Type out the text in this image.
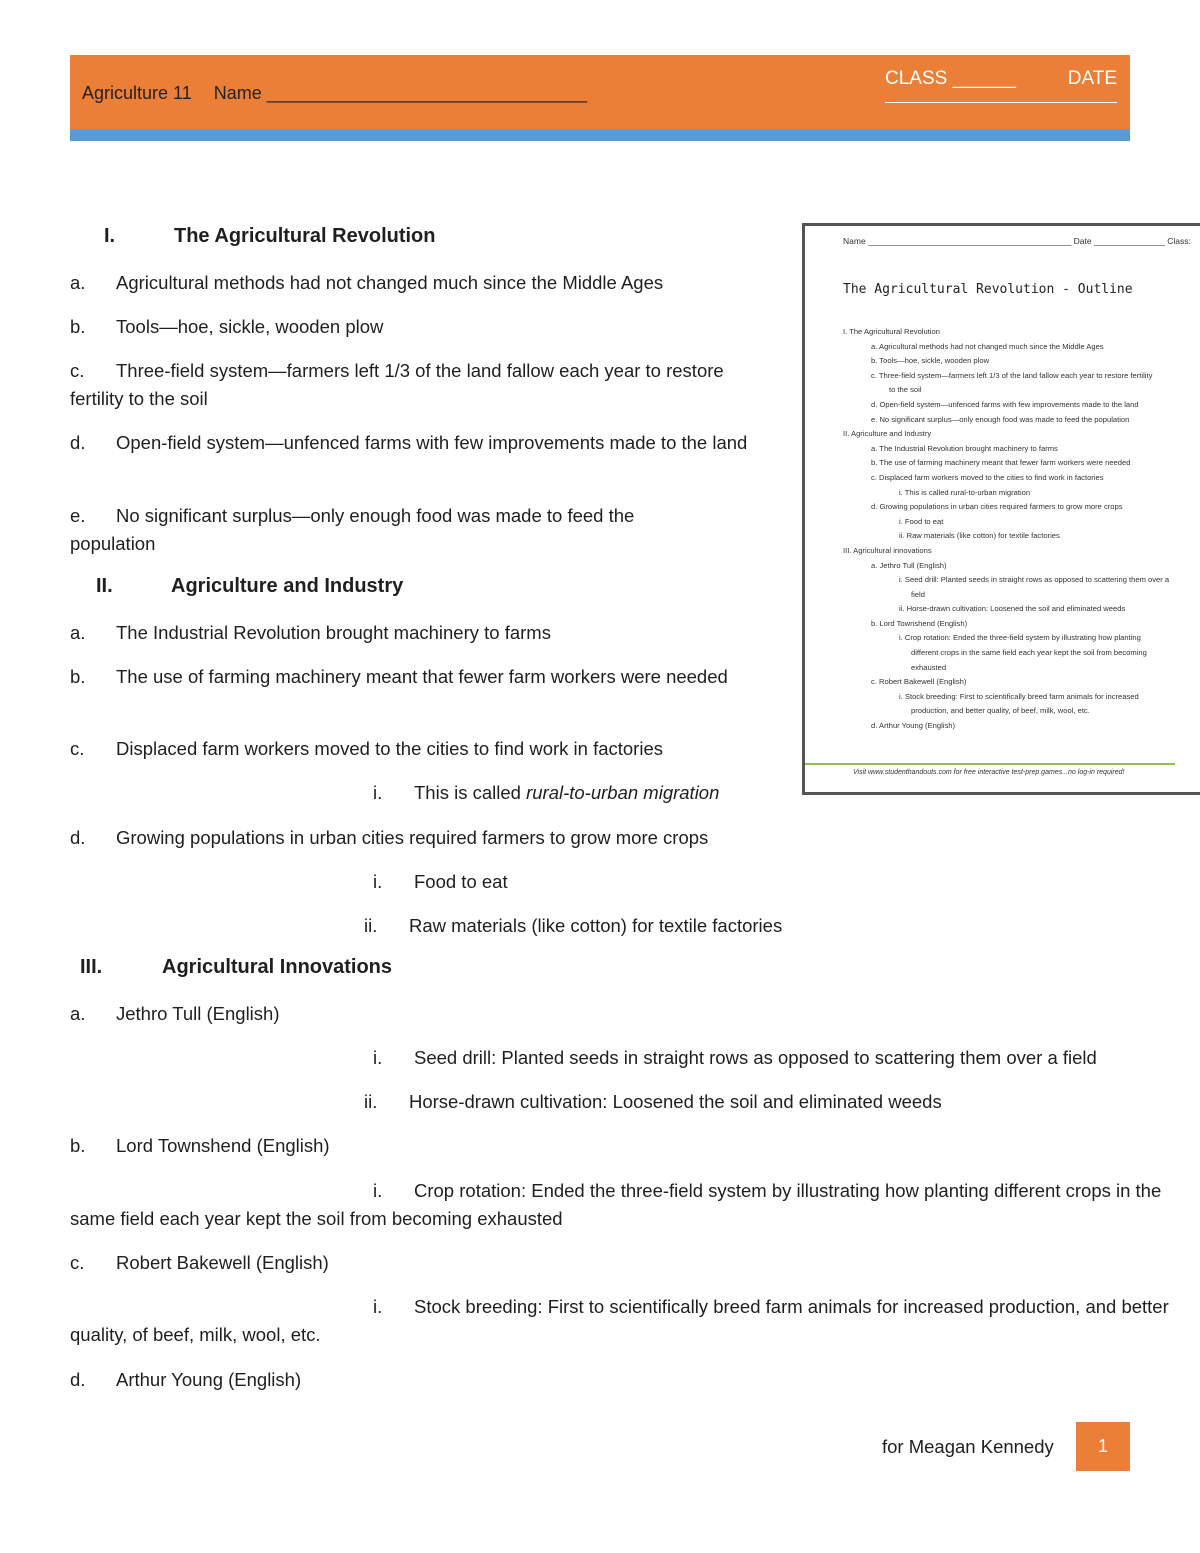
Agriculture 11 Name ________________________________
CLASS ______	DATE
I.	The Agricultural Revolution
a. Agricultural methods had not changed much since the Middle Ages
b. Tools—hoe, sickle, wooden plow
c. Three-field system—farmers left 1/3 of the land fallow each year to restore fertility to the soil
d. Open-field system—unfenced farms with few improvements made to the land
e. No significant surplus—only enough food was made to feed the population
II.	Agriculture and Industry
a. The Industrial Revolution brought machinery to farms
b. The use of farming machinery meant that fewer farm workers were needed
c. Displaced farm workers moved to the cities to find work in factories
i. This is called rural-to-urban migration
d. Growing populations in urban cities required farmers to grow more crops
i. Food to eat
ii. Raw materials (like cotton) for textile factories
III.	Agricultural Innovations
a. Jethro Tull (English)
i. Seed drill: Planted seeds in straight rows as opposed to scattering them over a field
ii. Horse-drawn cultivation: Loosened the soil and eliminated weeds
b. Lord Townshend (English)
i. Crop rotation: Ended the three-field system by illustrating how planting different crops in the
same field each year kept the soil from becoming exhausted
c. Robert Bakewell (English)
i. Stock breeding: First to scientifically breed farm animals for increased production, and better
quality, of beef, milk, wool, etc.
d. Arthur Young (English)
Name ___________________________________________ Date _______________ Class:
The Agricultural Revolution - Outline
I. The Agricultural Revolution
a. Agricultural methods had not changed much since the Middle Ages
b. Tools—hoe, sickle, wooden plow
c. Three-field system—farmers left 1/3 of the land fallow each year to restore fertility
to the soil
d. Open-field system—unfenced farms with few improvements made to the land
e. No significant surplus—only enough food was made to feed the population
II. Agriculture and Industry
a. The Industrial Revolution brought machinery to farms
b. The use of farming machinery meant that fewer farm workers were needed
c. Displaced farm workers moved to the cities to find work in factories
i. This is called rural-to-urban migration
d. Growing populations in urban cities required farmers to grow more crops
i. Food to eat
ii. Raw materials (like cotton) for textile factories
III. Agricultural innovations
a. Jethro Tull (English)
i. Seed drill: Planted seeds in straight rows as opposed to scattering them over a
field
ii. Horse-drawn cultivation: Loosened the soil and eliminated weeds
b. Lord Townshend (English)
i. Crop rotation: Ended the three-field system by illustrating how planting
different crops in the same field each year kept the soil from becoming
exhausted
c. Robert Bakewell (English)
i. Stock breeding: First to scientifically breed farm animals for increased
production, and better quality, of beef, milk, wool, etc.
d. Arthur Young (English)
Visit www.studenthandouts.com for free interactive test-prep games...no log-in required!
for Meagan Kennedy	1
